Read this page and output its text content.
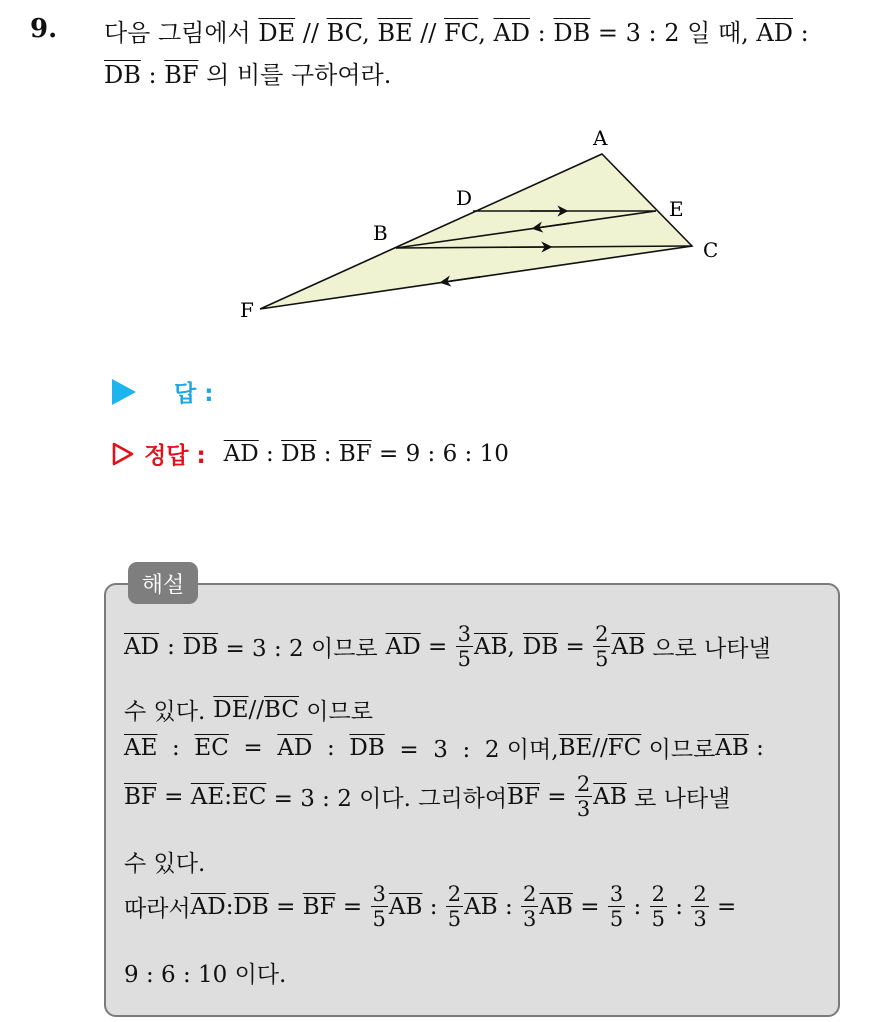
9. 다음 그림에서 $\overline{DE} // \overline{BC}$, $\overline{BE} // \overline{FC}$, $\overline{AD}$ : $\overline{DB} = 3$ : 2 일 때, $\overline{AD}$ :
$\overline{DB}$ : $\overline{BF}$ 의 비를 구하여라.
A
D	E
B
C
F
답 :
정답 : $\overline{AD}$ : $\overline{DB}$ : $\overline{BF} = 9$ : 6 : 10
해설
$\overline{AD}$ : $\overline{DB} = 3$ : 2 이므로 $\overline{AD} = \frac{3}{5} \overline{AB}$ , $\overline{DB} = \frac{2}{5} \overline{AB}$ 으로 나타낼
수 있다. $\overline{DE} // \overline{BC}$ 이므로
$\overline{AE}$ : $\overline{EC} = \overline{AD}$ : $\overline{DB} = 3$  :  2 이며, $\overline{BE} // \overline{FC}$ 이므로 $\overline{AB}$ :
$\overline{BF} = \overline{AE}$ : $\overline{EC} = 3$ : 2 이다. 그리하여 $\overline{BF} = \frac{2}{3} \overline{AB}$ 로 나타낼
수 있다.
따라서 $\overline{AD}$ : $\overline{DB} = \overline{BF} = \frac{3}{5} \overline{AB}$ : $\frac{2}{5} \overline{AB}$ : $\frac{2}{3} \overline{AB} = \frac{3}{5}$ : $\frac{2}{5}$ : $\frac{2}{3}$ =
9 : 6 : 10 이다.
